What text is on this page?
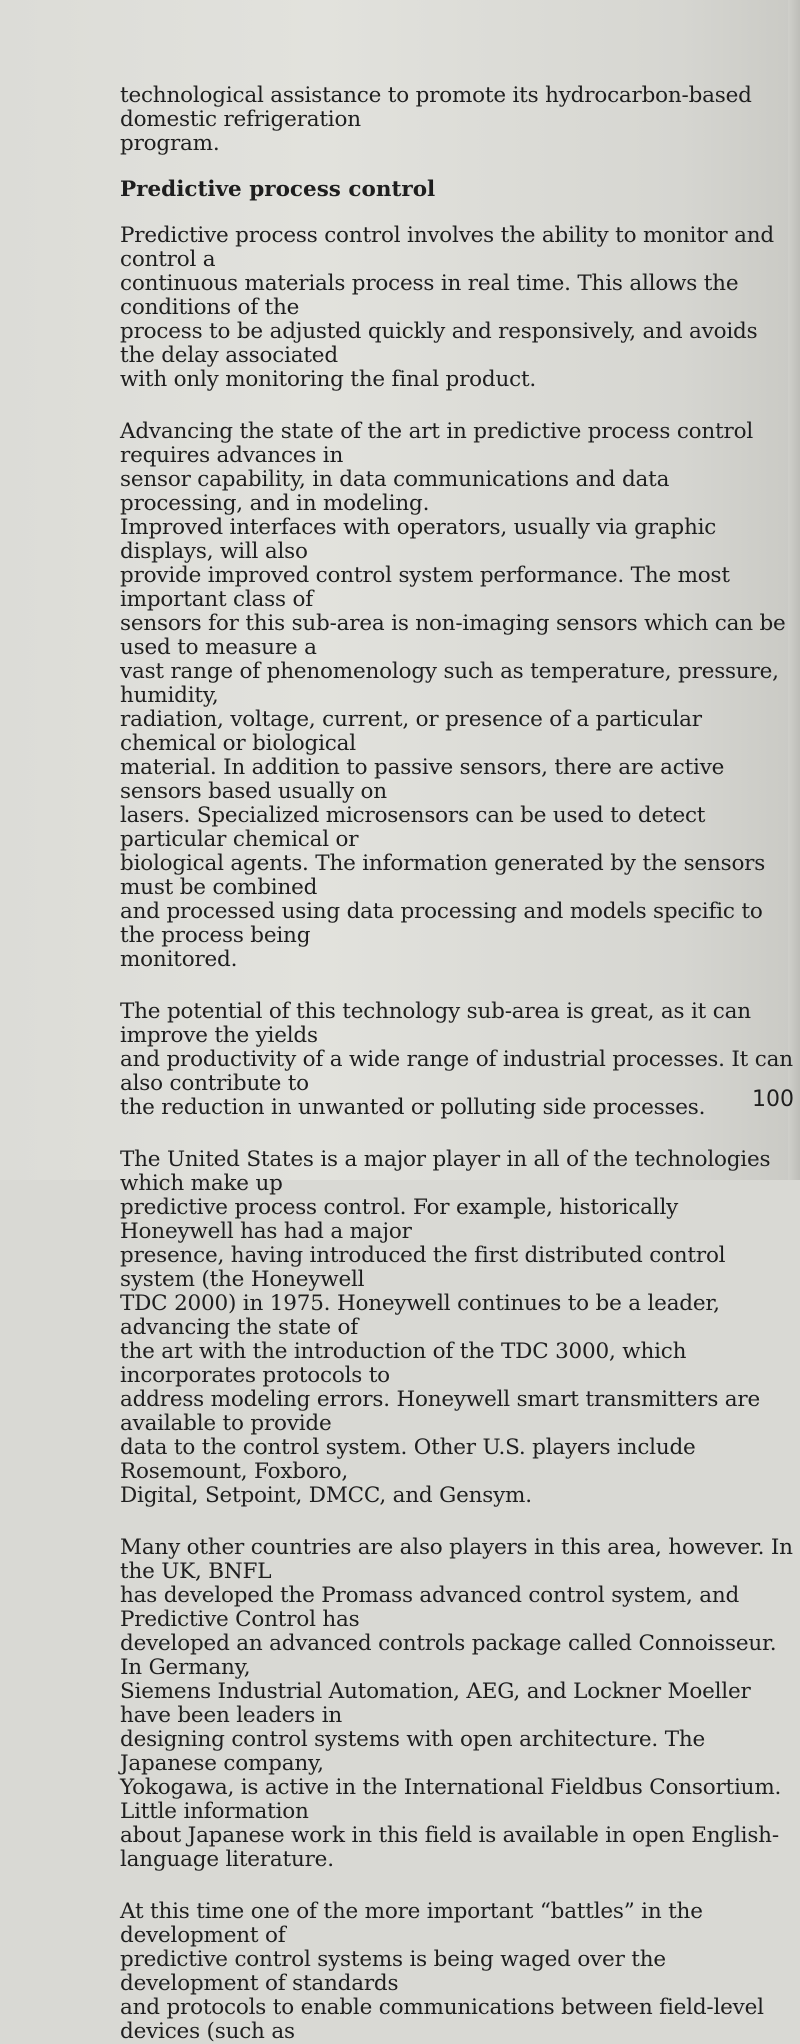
technological assistance to promote its hydrocarbon-based domestic refrigeration
program.

Predictive process control

Predictive process control involves the ability to monitor and control a
continuous materials process in real time. This allows the conditions of the
process to be adjusted quickly and responsively, and avoids the delay associated
with only monitoring the final product.

Advancing the state of the art in predictive process control requires advances in
sensor capability, in data communications and data processing, and in modeling.
Improved interfaces with operators, usually via graphic displays, will also
provide improved control system performance. The most important class of
sensors for this sub-area is non-imaging sensors which can be used to measure a
vast range of phenomenology such as temperature, pressure, humidity,
radiation, voltage, current, or presence of a particular chemical or biological
material. In addition to passive sensors, there are active sensors based usually on
lasers. Specialized microsensors can be used to detect particular chemical or
biological agents. The information generated by the sensors must be combined
and processed using data processing and models specific to the process being
monitored.

The potential of this technology sub-area is great, as it can improve the yields
and productivity of a wide range of industrial processes. It can also contribute to
the reduction in unwanted or polluting side processes.

The United States is a major player in all of the technologies which make up
predictive process control. For example, historically Honeywell has had a major
presence, having introduced the first distributed control system (the Honeywell
TDC 2000) in 1975. Honeywell continues to be a leader, advancing the state of
the art with the introduction of the TDC 3000, which incorporates protocols to
address modeling errors. Honeywell smart transmitters are available to provide
data to the control system. Other U.S. players include Rosemount, Foxboro,
Digital, Setpoint, DMCC, and Gensym.

Many other countries are also players in this area, however. In the UK, BNFL
has developed the Promass advanced control system, and Predictive Control has
developed an advanced controls package called Connoisseur. In Germany,
Siemens Industrial Automation, AEG, and Lockner Moeller have been leaders in
designing control systems with open architecture. The Japanese company,
Yokogawa, is active in the International Fieldbus Consortium. Little information
about Japanese work in this field is available in open English-language literature.

At this time one of the more important “battles” in the development of
predictive control systems is being waged over the development of standards
and protocols to enable communications between field-level devices (such as

100
